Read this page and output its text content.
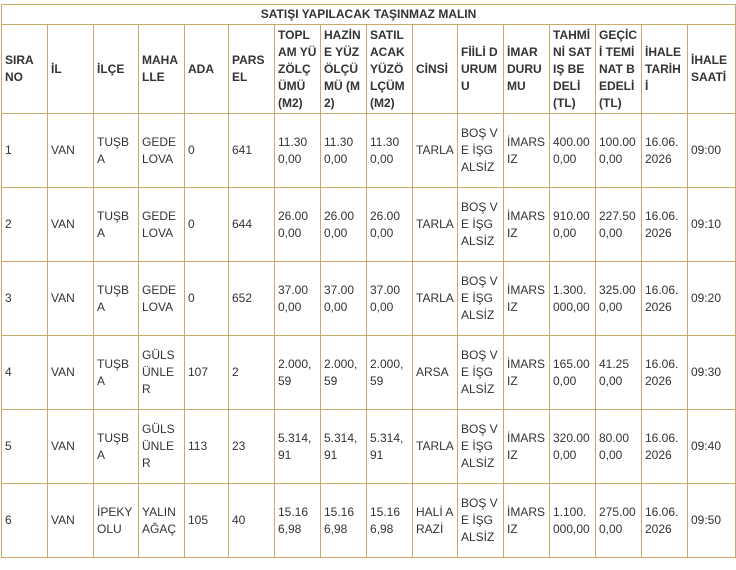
SATIŞI YAPILACAK TAŞINMAZ MALIN															
SIRA NO	İL	İLÇE	MAHALLE	ADA	PARSEL	TOPLAM YÜZÖLÇÜMÜ (M2)	HAZİNE YÜZÖLÇÜMÜ (M2)	SATILACAK YÜZÖLÇÜM (M2)	CİNSİ	FİİLİ DURUMU	İMAR DURUMU	TAHMİNİ SATIŞ BEDELİ (TL)	GEÇİCİ TEMİNAT BEDELİ (TL)	İHALE TARİHİ	İHALE SAATİ
1	VAN	TUŞBA	GEDELOVA	0	641	11.300,00	11.300,00	11.300,00	TARLA	BOŞ VE İŞGALSİZ	İMARSIZ	400.000,00	100.000,00	16.06.2026	09:00
2	VAN	TUŞBA	GEDELOVA	0	644	26.000,00	26.000,00	26.000,00	TARLA	BOŞ VE İŞGALSİZ	İMARSIZ	910.000,00	227.500,00	16.06.2026	09:10
3	VAN	TUŞBA	GEDELOVA	0	652	37.000,00	37.000,00	37.000,00	TARLA	BOŞ VE İŞGALSİZ	İMARSIZ	1.300.000,00	325.000,00	16.06.2026	09:20
4	VAN	TUŞBA	GÜLSÜNLER	107	2	2.000,59	2.000,59	2.000,59	ARSA	BOŞ VE İŞGALSİZ	İMARSIZ	165.000,00	41.250,00	16.06.2026	09:30
5	VAN	TUŞBA	GÜLSÜNLER	113	23	5.314,91	5.314,91	5.314,91	TARLA	BOŞ VE İŞGALSİZ	İMARSIZ	320.000,00	80.000,00	16.06.2026	09:40
6	VAN	İPEKYOLU	YALINAĞAÇ	105	40	15.166,98	15.166,98	15.166,98	HALİ ARAZİ	BOŞ VE İŞGALSİZ	İMARSIZ	1.100.000,00	275.000,00	16.06.2026	09:50
